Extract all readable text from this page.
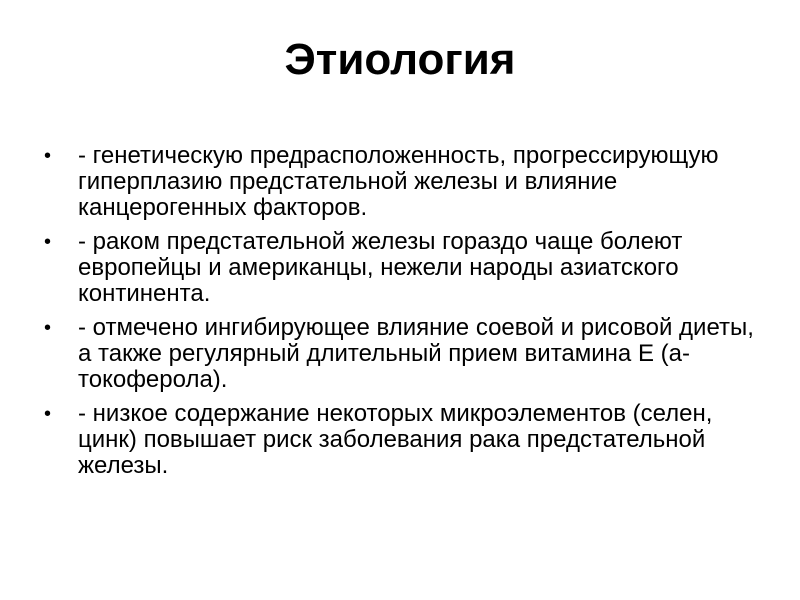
Этиология
• - генетическую предрасположенность, прогрессирующую гиперплазию предстательной железы и влияние канцерогенных факторов.
• - раком предстательной железы гораздо чаще болеют европейцы и американцы, нежели народы азиатского континента.
• - отмечено ингибирующее влияние соевой и рисовой диеты, а также регулярный длительный прием витамина Е (а-токоферола).
• - низкое содержание некоторых микроэлементов (селен, цинк) повышает риск заболевания рака предстательной железы.
